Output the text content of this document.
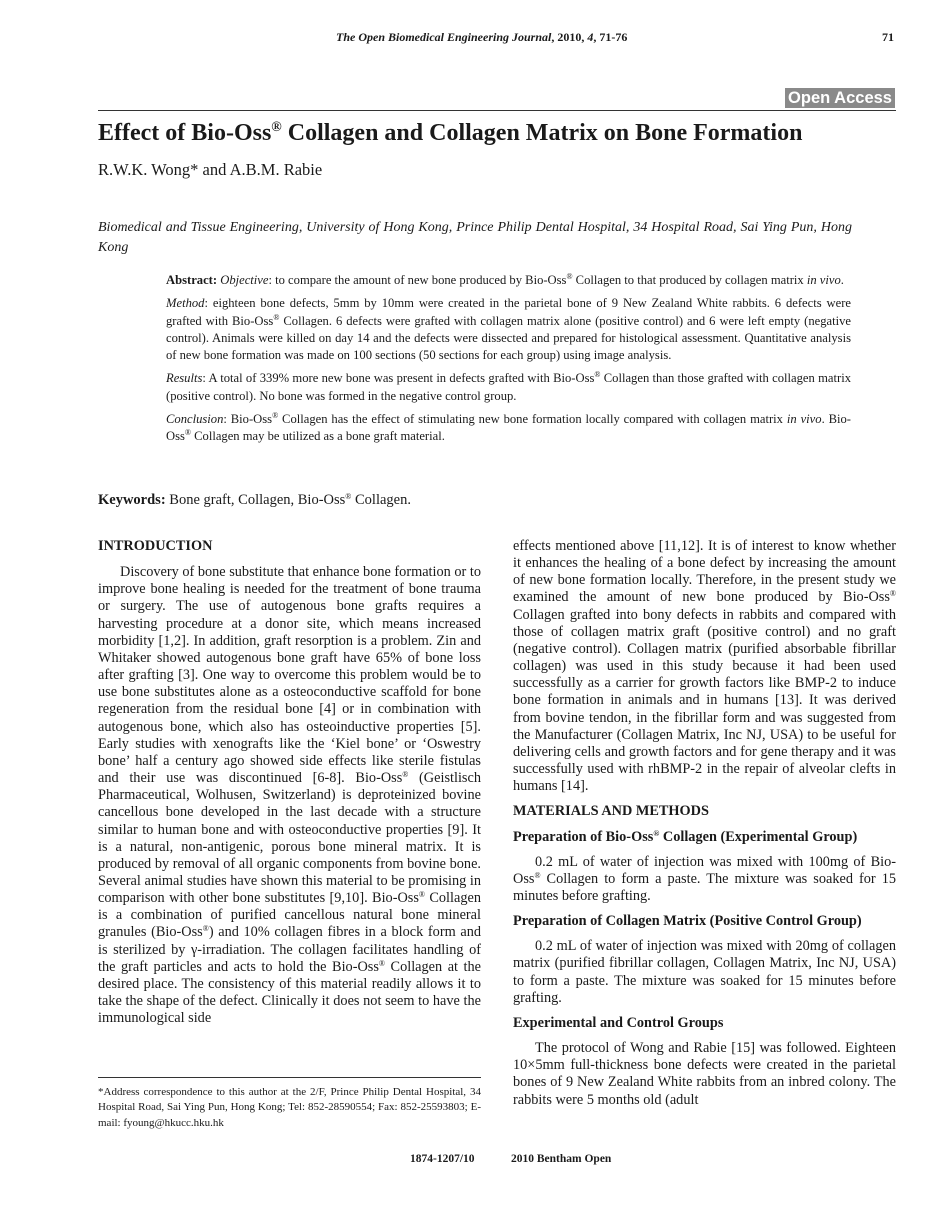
The Open Biomedical Engineering Journal, 2010, 4, 71-76	71
Open Access
Effect of Bio-Oss® Collagen and Collagen Matrix on Bone Formation
R.W.K. Wong* and A.B.M. Rabie
Biomedical and Tissue Engineering, University of Hong Kong, Prince Philip Dental Hospital, 34 Hospital Road, Sai Ying Pun, Hong Kong

Abstract: Objective: to compare the amount of new bone produced by Bio-Oss® Collagen to that produced by collagen matrix in vivo.

Method: eighteen bone defects, 5mm by 10mm were created in the parietal bone of 9 New Zealand White rabbits. 6 defects were grafted with Bio-Oss® Collagen. 6 defects were grafted with collagen matrix alone (positive control) and 6 were left empty (negative control). Animals were killed on day 14 and the defects were dissected and prepared for histological assessment. Quantitative analysis of new bone formation was made on 100 sections (50 sections for each group) using image analysis.

Results: A total of 339% more new bone was present in defects grafted with Bio-Oss® Collagen than those grafted with collagen matrix (positive control). No bone was formed in the negative control group.

Conclusion: Bio-Oss® Collagen has the effect of stimulating new bone formation locally compared with collagen matrix in vivo. Bio-Oss® Collagen may be utilized as a bone graft material.

Keywords: Bone graft, Collagen, Bio-Oss® Collagen.
INTRODUCTION

Discovery of bone substitute that enhance bone formation or to improve bone healing is needed for the treatment of bone trauma or surgery. The use of autogenous bone grafts requires a harvesting procedure at a donor site, which means increased morbidity [1,2]. In addition, graft resorption is a problem. Zin and Whitaker showed autogenous bone graft have 65% of bone loss after grafting [3]. One way to overcome this problem would be to use bone substitutes alone as a osteoconductive scaffold for bone regeneration from the residual bone [4] or in combination with autogenous bone, which also has osteoinductive properties [5]. Early studies with xenografts like the ‘Kiel bone’ or ‘Oswestry bone’ half a century ago showed side effects like sterile fistulas and their use was discontinued [6-8]. Bio-Oss® (Geistlisch Pharmaceutical, Wolhusen, Switzerland) is deproteinized bovine cancellous bone developed in the last decade with a structure similar to human bone and with osteoconductive properties [9]. It is a natural, non-antigenic, porous bone mineral matrix. It is produced by removal of all organic components from bovine bone. Several animal studies have shown this material to be promising in comparison with other bone substitutes [9,10]. Bio-Oss® Collagen is a combination of purified cancellous natural bone mineral granules (Bio-Oss®) and 10% collagen fibres in a block form and is sterilized by γ-irradiation. The collagen facilitates handling of the graft particles and acts to hold the Bio-Oss® Collagen at the desired place. The consistency of this material readily allows it to take the shape of the defect. Clinically it does not seem to have the immunological side

*Address correspondence to this author at the 2/F, Prince Philip Dental Hospital, 34 Hospital Road, Sai Ying Pun, Hong Kong; Tel: 852-28590554; Fax: 852-25593803; E-mail: fyoung@hkucc.hku.hk

effects mentioned above [11,12]. It is of interest to know whether it enhances the healing of a bone defect by increasing the amount of new bone formation locally. Therefore, in the present study we examined the amount of new bone produced by Bio-Oss® Collagen grafted into bony defects in rabbits and compared with those of collagen matrix graft (positive control) and no graft (negative control). Collagen matrix (purified absorbable fibrillar collagen) was used in this study because it had been used successfully as a carrier for growth factors like BMP-2 to induce bone formation in animals and in humans [13]. It was derived from bovine tendon, in the fibrillar form and was suggested from the Manufacturer (Collagen Matrix, Inc NJ, USA) to be useful for delivering cells and growth factors and for gene therapy and it was successfully used with rhBMP-2 in the repair of alveolar clefts in humans [14].

MATERIALS AND METHODS
Preparation of Bio-Oss® Collagen (Experimental Group)

0.2 mL of water of injection was mixed with 100mg of Bio-Oss® Collagen to form a paste. The mixture was soaked for 15 minutes before grafting.

Preparation of Collagen Matrix (Positive Control Group)

0.2 mL of water of injection was mixed with 20mg of collagen matrix (purified fibrillar collagen, Collagen Matrix, Inc NJ, USA) to form a paste. The mixture was soaked for 15 minutes before grafting.

Experimental and Control Groups

The protocol of Wong and Rabie [15] was followed. Eighteen 10×5mm full-thickness bone defects were created in the parietal bones of 9 New Zealand White rabbits from an inbred colony. The rabbits were 5 months old (adult

1874-1207/10	2010 Bentham Open
